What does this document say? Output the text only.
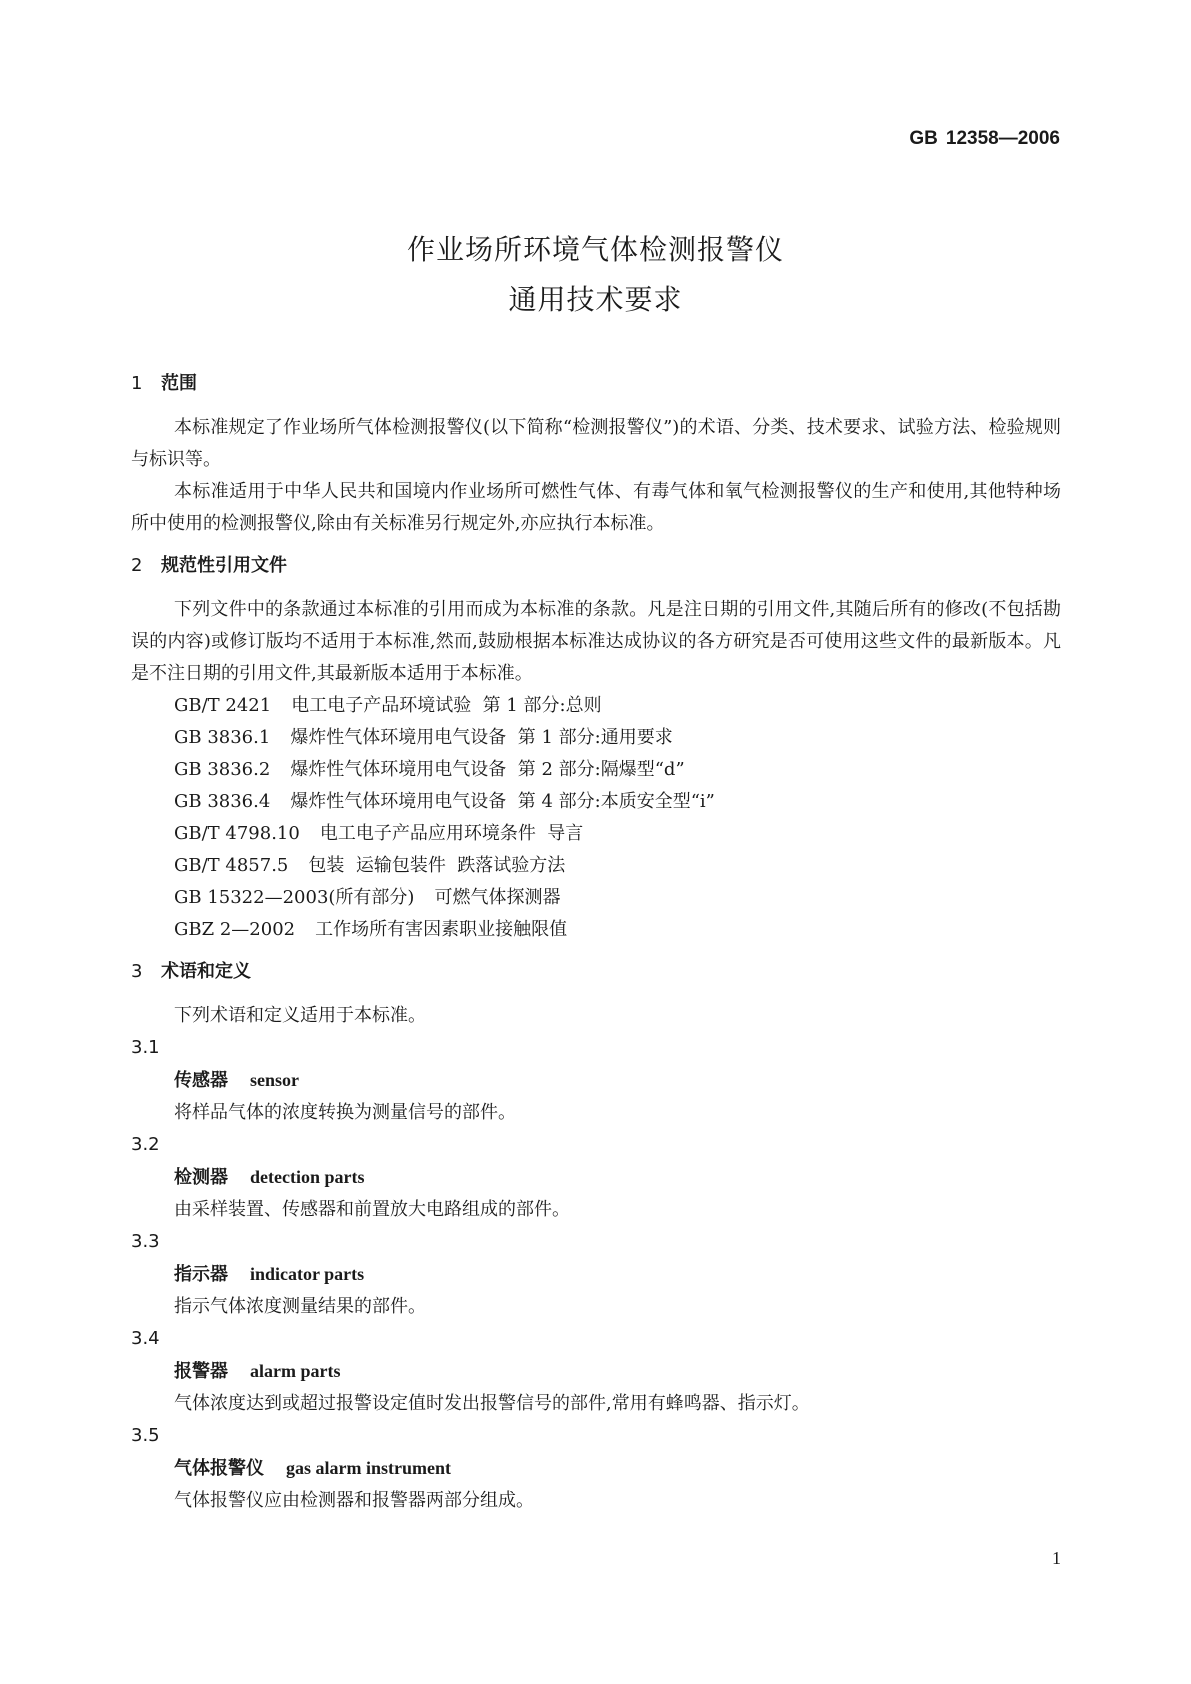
GB 12358—2006
作业场所环境气体检测报警仪
通用技术要求
1 范围
本标准规定了作业场所气体检测报警仪(以下简称“检测报警仪”)的术语、分类、技术要求、试验方法、检验规则与标识等。
本标准适用于中华人民共和国境内作业场所可燃性气体、有毒气体和氧气检测报警仪的生产和使用,其他特种场所中使用的检测报警仪,除由有关标准另行规定外,亦应执行本标准。
2 规范性引用文件
下列文件中的条款通过本标准的引用而成为本标准的条款。凡是注日期的引用文件,其随后所有的修改(不包括勘误的内容)或修订版均不适用于本标准,然而,鼓励根据本标准达成协议的各方研究是否可使用这些文件的最新版本。凡是不注日期的引用文件,其最新版本适用于本标准。
GB/T 2421 电工电子产品环境试验  第 1 部分:总则
GB 3836.1 爆炸性气体环境用电气设备  第 1 部分:通用要求
GB 3836.2 爆炸性气体环境用电气设备  第 2 部分:隔爆型“d”
GB 3836.4 爆炸性气体环境用电气设备  第 4 部分:本质安全型“i”
GB/T 4798.10 电工电子产品应用环境条件  导言
GB/T 4857.5 包装  运输包装件  跌落试验方法
GB 15322—2003(所有部分) 可燃气体探测器
GBZ 2—2002 工作场所有害因素职业接触限值
3 术语和定义
下列术语和定义适用于本标准。
3.1
传感器 sensor
将样品气体的浓度转换为测量信号的部件。
3.2
检测器 detection parts
由采样装置、传感器和前置放大电路组成的部件。
3.3
指示器 indicator parts
指示气体浓度测量结果的部件。
3.4
报警器 alarm parts
气体浓度达到或超过报警设定值时发出报警信号的部件,常用有蜂鸣器、指示灯。
3.5
气体报警仪 gas alarm instrument
气体报警仪应由检测器和报警器两部分组成。
1
